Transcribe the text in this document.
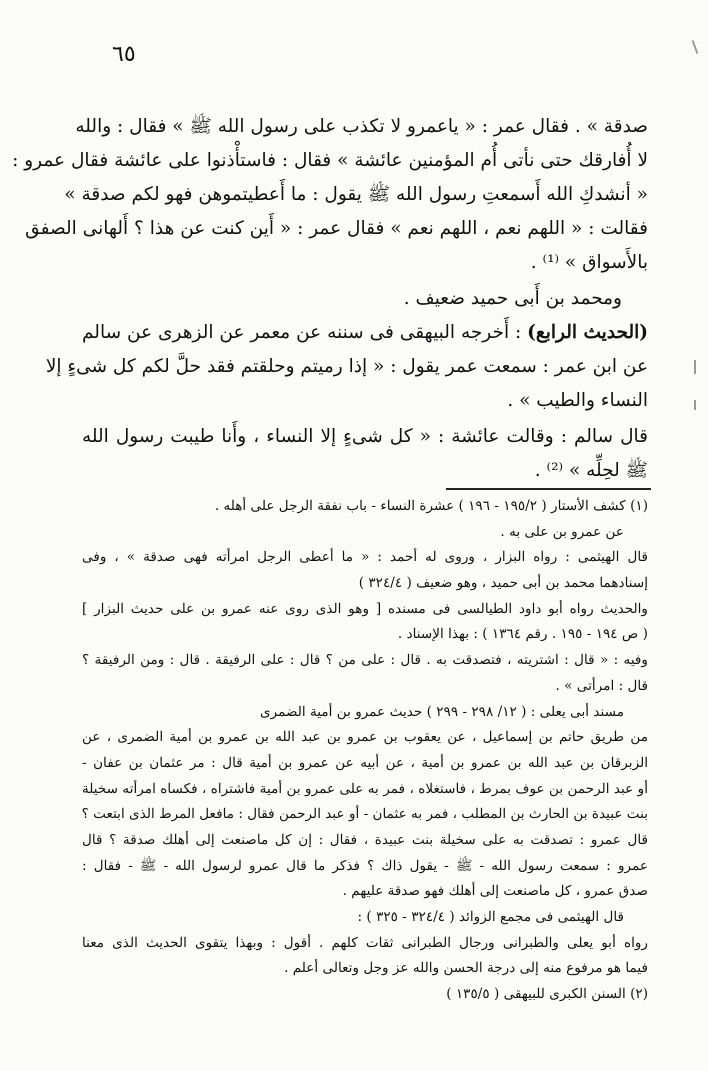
٦٥
صدقة » . فقال عمر : « ياعمرو لا تكذب على رسول الله ﷺ » فقال : والله
لا أُفارقك حتى نأتى أُم المؤمنين عائشة » فقال : فاستأْذنوا على عائشة فقال عمرو :
« أنشدكِ الله أَسمعتِ رسول الله ﷺ يقول : ما أَعطيتموهن فهو لكم صدقة »
فقالت : « اللهم نعم ، اللهم نعم » فقال عمر : « أَين كنت عن هذا ؟ أَلهانى الصفق
بالأَسواق » ⁽¹⁾ .
ومحمد بن أَبى حميد ضعيف .
(الحديث الرابع) : أَخرجه البيهقى فى سننه عن معمر عن الزهرى عن سالم
عن ابن عمر : سمعت عمر يقول : « إذا رميتم وحلقتم فقد حلَّ لكم كل شىءٍ إلا
النساء والطيب » .
قال سالم : وقالت عائشة : « كل شىءٍ إلا النساء ، وأَنا طيبت رسول الله
ﷺ لحِلِّه » ⁽²⁾ .
(١) كشف الأستار ( ١٩٥/٢ - ١٩٦ ) عشرة النساء - باب نفقة الرجل على أهله .
عن عمرو بن على به .
قال الهيثمى : رواه البزار ، وروى له أحمد : « ما أعطى الرجل امرأته فهى صدقة » ، وفى
إسنادهما محمد بن أبى حميد ، وهو ضعيف ( ٣٢٤/٤ )
والحديث رواه أبو داود الطيالسى فى مسنده [ وهو الذى روى عنه عمرو بن على حديث البزار ]
( ص ١٩٤ - ١٩٥ . رقم ١٣٦٤ ) : بهذا الإسناد .
وفيه : « قال : اشتريته ، فتصدقت به . قال : على من ؟ قال : على الرفيقة . قال : ومن الرفيقة ؟
قال : امرأتى » .
مسند أبى يعلى : ( ١٢/ ٢٩٨ - ٢٩٩ ) حديث عمرو بن أمية الضمرى
من طريق حاتم بن إسماعيل ، عن يعقوب بن عمرو بن عبد الله بن عمرو بن أمية الضمرى ، عن
الزبرقان بن عبد الله بن عمرو بن أمية ، عن أبيه عن عمرو بن أمية قال : مر عثمان بن عفان -
أو عبد الرحمن بن عوف بمرط ، فاستغلاه ، فمر به على عمرو بن أمية فاشتراه ، فكساه امرأته سخيلة
بنت عبيدة بن الحارث بن المطلب ، فمر به عثمان - أو عبد الرحمن فقال : مافعل المرط الذى ابتعت ؟
قال عمرو : تصدقت به على سخيلة بنت عبيدة ، فقال : إن كل ماصنعت إلى أهلك صدقة ؟ قال
عمرو : سمعت رسول الله - ﷺ - يقول ذاك ؟ فذكر ما قال عمرو لرسول الله - ﷺ - فقال :
صدق عمرو ، كل ماصنعت إلى أهلك فهو صدقة عليهم .
قال الهيثمى فى مجمع الزوائد ( ٣٢٤/٤ - ٣٢٥ ) :
رواه أبو يعلى والطبرانى ورجال الطبرانى ثقات كلهم . أقول : وبهذا يتقوى الحديث الذى معنا
فيما هو مرفوع منه إلى درجة الحسن والله عز وجل وتعالى أعلم .
(٢) السنن الكبرى للبيهقى ( ١٣٥/٥ )
